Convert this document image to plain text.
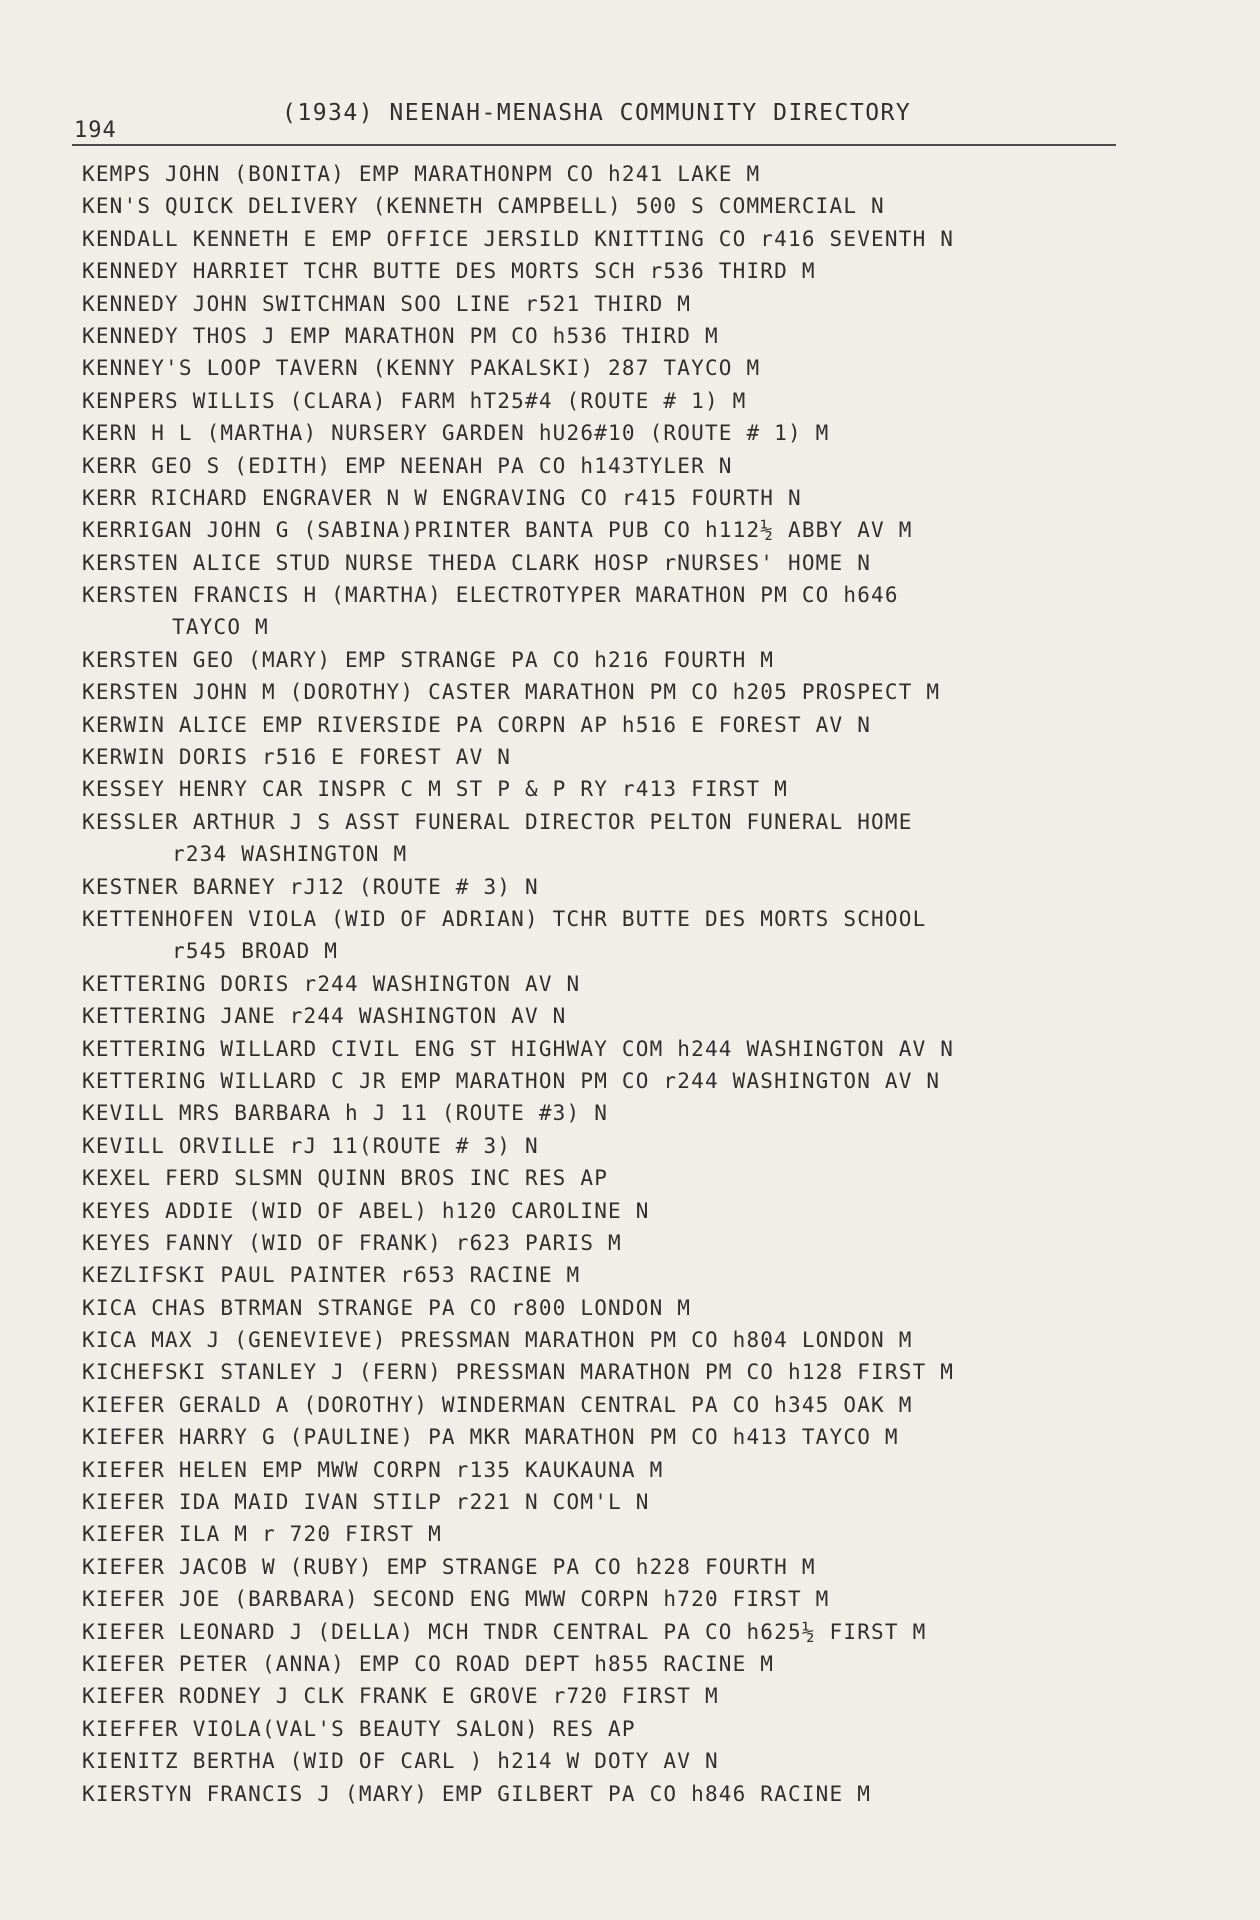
194
(1934) NEENAH-MENASHA COMMUNITY DIRECTORY
KEMPS JOHN (BONITA) EMP MARATHONPM CO h241 LAKE M
KEN'S QUICK DELIVERY (KENNETH CAMPBELL) 500 S COMMERCIAL N
KENDALL KENNETH E EMP OFFICE JERSILD KNITTING CO r416 SEVENTH N
KENNEDY HARRIET TCHR BUTTE DES MORTS SCH r536 THIRD M
KENNEDY JOHN SWITCHMAN SOO LINE r521 THIRD M
KENNEDY THOS J EMP MARATHON PM CO h536 THIRD M
KENNEY'S LOOP TAVERN (KENNY PAKALSKI) 287 TAYCO M
KENPERS WILLIS (CLARA) FARM hT25#4 (ROUTE # 1) M
KERN H L (MARTHA) NURSERY GARDEN hU26#10 (ROUTE # 1) M
KERR GEO S (EDITH) EMP NEENAH PA CO h143TYLER N
KERR RICHARD ENGRAVER N W ENGRAVING CO r415 FOURTH N
KERRIGAN JOHN G (SABINA)PRINTER BANTA PUB CO h112½ ABBY AV M
KERSTEN ALICE STUD NURSE THEDA CLARK HOSP rNURSES' HOME N
KERSTEN FRANCIS H (MARTHA) ELECTROTYPER MARATHON PM CO h646
TAYCO M
KERSTEN GEO (MARY) EMP STRANGE PA CO h216 FOURTH M
KERSTEN JOHN M (DOROTHY) CASTER MARATHON PM CO h205 PROSPECT M
KERWIN ALICE EMP RIVERSIDE PA CORPN AP h516 E FOREST AV N
KERWIN DORIS r516 E FOREST AV N
KESSEY HENRY CAR INSPR C M ST P & P RY r413 FIRST M
KESSLER ARTHUR J S ASST FUNERAL DIRECTOR PELTON FUNERAL HOME
r234 WASHINGTON M
KESTNER BARNEY rJ12 (ROUTE # 3) N
KETTENHOFEN VIOLA (WID OF ADRIAN) TCHR BUTTE DES MORTS SCHOOL
r545 BROAD M
KETTERING DORIS r244 WASHINGTON AV N
KETTERING JANE r244 WASHINGTON AV N
KETTERING WILLARD CIVIL ENG ST HIGHWAY COM h244 WASHINGTON AV N
KETTERING WILLARD C JR EMP MARATHON PM CO r244 WASHINGTON AV N
KEVILL MRS BARBARA h J 11 (ROUTE #3) N
KEVILL ORVILLE rJ 11(ROUTE # 3) N
KEXEL FERD SLSMN QUINN BROS INC RES AP
KEYES ADDIE (WID OF ABEL) h120 CAROLINE N
KEYES FANNY (WID OF FRANK) r623 PARIS M
KEZLIFSKI PAUL PAINTER r653 RACINE M
KICA CHAS BTRMAN STRANGE PA CO r800 LONDON M
KICA MAX J (GENEVIEVE) PRESSMAN MARATHON PM CO h804 LONDON M
KICHEFSKI STANLEY J (FERN) PRESSMAN MARATHON PM CO h128 FIRST M
KIEFER GERALD A (DOROTHY) WINDERMAN CENTRAL PA CO h345 OAK M
KIEFER HARRY G (PAULINE) PA MKR MARATHON PM CO h413 TAYCO M
KIEFER HELEN EMP MWW CORPN r135 KAUKAUNA M
KIEFER IDA MAID IVAN STILP r221 N COM'L N
KIEFER ILA M r 720 FIRST M
KIEFER JACOB W (RUBY) EMP STRANGE PA CO h228 FOURTH M
KIEFER JOE (BARBARA) SECOND ENG MWW CORPN h720 FIRST M
KIEFER LEONARD J (DELLA) MCH TNDR CENTRAL PA CO h625½ FIRST M
KIEFER PETER (ANNA) EMP CO ROAD DEPT h855 RACINE M
KIEFER RODNEY J CLK FRANK E GROVE r720 FIRST M
KIEFFER VIOLA(VAL'S BEAUTY SALON) RES AP
KIENITZ BERTHA (WID OF CARL ) h214 W DOTY AV N
KIERSTYN FRANCIS J (MARY) EMP GILBERT PA CO h846 RACINE M
